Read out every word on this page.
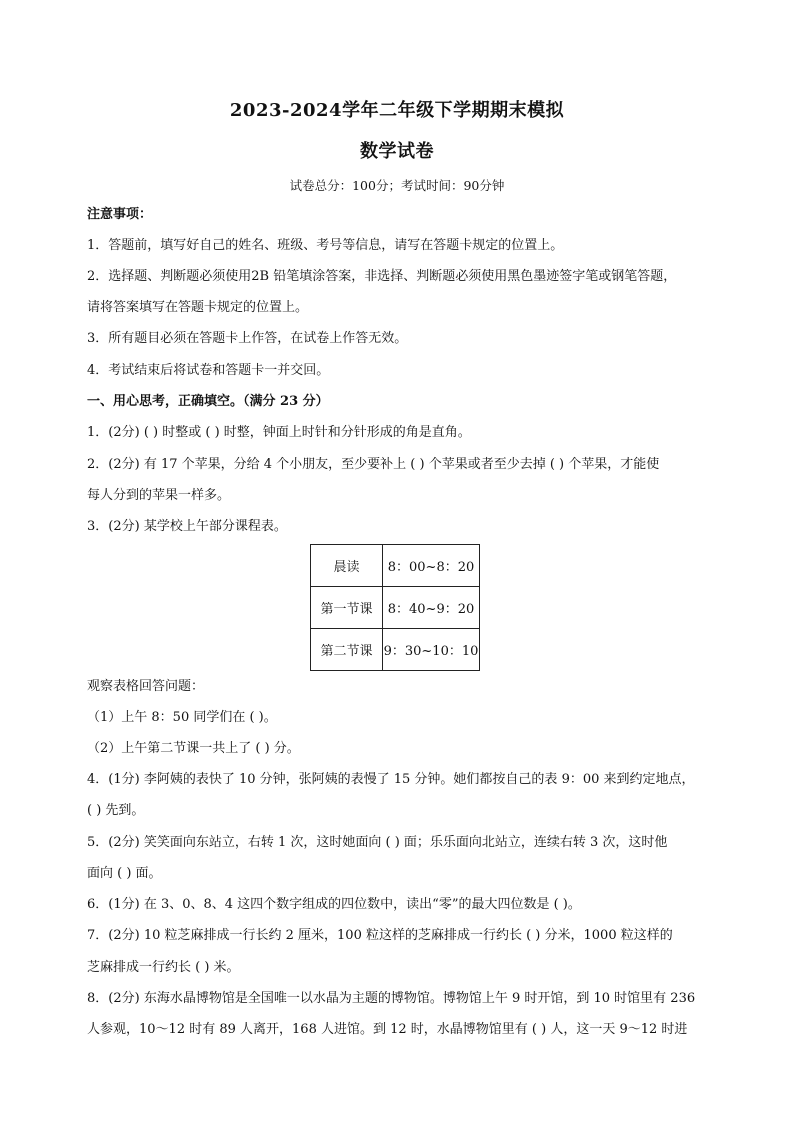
2023-2024学年二年级下学期期末模拟
数学试卷
试卷总分：100分；考试时间：90分钟
注意事项：
1．答题前，填写好自己的姓名、班级、考号等信息，请写在答题卡规定的位置上。
2．选择题、判断题必须使用2B 铅笔填涂答案，非选择、判断题必须使用黑色墨迹签字笔或钢笔答题，
请将答案填写在答题卡规定的位置上。
3．所有题目必须在答题卡上作答，在试卷上作答无效。
4．考试结束后将试卷和答题卡一并交回。
一、用心思考，正确填空。（满分 23 分）
1．(2分) ( ) 时整或 ( ) 时整，钟面上时针和分针形成的角是直角。
2．(2分) 有 17 个苹果，分给 4 个小朋友，至少要补上 ( ) 个苹果或者至少去掉 ( ) 个苹果，才能使
每人分到的苹果一样多。
3．(2分) 某学校上午部分课程表。
晨读	8：00~8：20
第一节课	8：40~9：20
第二节课	9：30~10：10
观察表格回答问题：
（1）上午 8：50 同学们在 ( )。
（2）上午第二节课一共上了 ( ) 分。
4．(1分) 李阿姨的表快了 10 分钟，张阿姨的表慢了 15 分钟。她们都按自己的表 9：00 来到约定地点，
( ) 先到。
5．(2分) 笑笑面向东站立，右转 1 次，这时她面向 ( ) 面；乐乐面向北站立，连续右转 3 次，这时他
面向 ( ) 面。
6．(1分) 在 3、0、8、4 这四个数字组成的四位数中，读出“零”的最大四位数是 ( )。
7．(2分) 10 粒芝麻排成一行长约 2 厘米，100 粒这样的芝麻排成一行约长 ( ) 分米，1000 粒这样的
芝麻排成一行约长 ( ) 米。
8．(2分) 东海水晶博物馆是全国唯一以水晶为主题的博物馆。博物馆上午 9 时开馆，到 10 时馆里有 236
人参观，10～12 时有 89 人离开，168 人进馆。到 12 时，水晶博物馆里有 ( ) 人，这一天 9～12 时进
